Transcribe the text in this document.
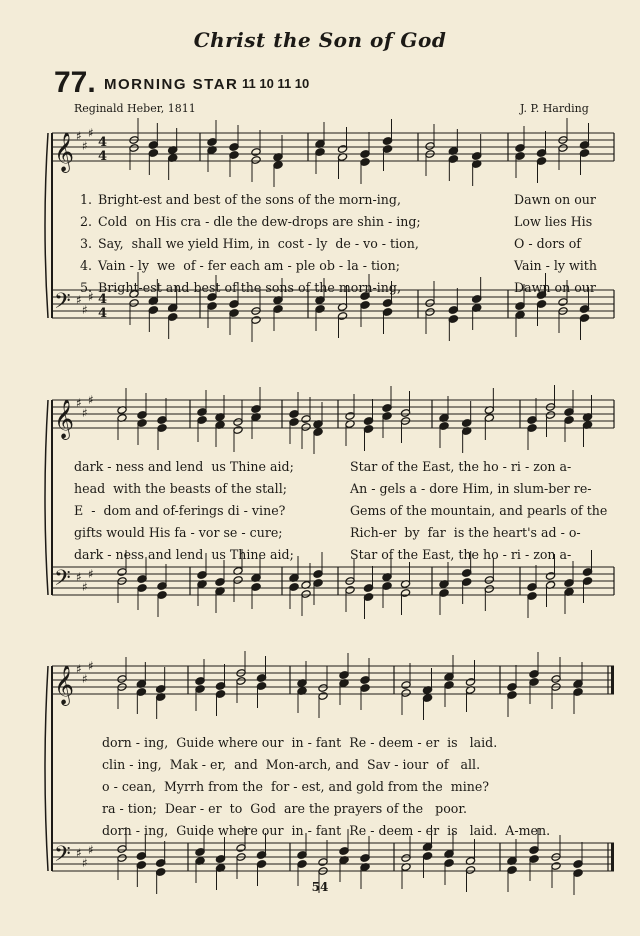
Christ the Son of God
77. MORNING STAR 11 10 11 10
Reginald Heber, 1811	J. P. Harding
𝄞
𝄢
♯
♯
♯
♯
♯
♯
4
4
4
4
𝄞
𝄢
♯
♯
♯
♯
♯
♯
𝄞
𝄢
♯
♯
♯
♯
♯
♯
1. Bright-est and best of the sons of the morn-ing,	Dawn on our
2. Cold  on His cra - dle the dew-drops are shin - ing;	Low lies His
3. Say,  shall we yield Him, in  cost - ly  de - vo - tion,	O - dors of
4. Vain - ly  we  of - fer each am - ple ob - la - tion;	Vain - ly with
5. Bright-est and best of the sons of the morn-ing,	Dawn on our
dark - ness and lend  us Thine aid;	Star of the East, the ho - ri - zon a-
head  with the beasts of the stall;	An - gels a - dore Him, in slum-ber re-
E  -  dom and of-ferings di - vine?	Gems of the mountain, and pearls of the
gifts would His fa - vor se - cure;	Rich-er  by  far  is the heart's ad - o-
dark - ness and lend  us Thine aid;	Star of the East, the ho - ri - zon a-
dorn - ing,  Guide where our  in - fant  Re - deem - er  is   laid.
clin - ing,  Mak - er,  and  Mon-arch, and  Sav - iour  of   all.
o - cean,  Myrrh from the  for - est, and gold from the  mine?
ra - tion;  Dear - er  to  God  are the prayers of the   poor.
dorn - ing,  Guide where our  in - fant  Re - deem - er  is   laid.  A-men.
54
